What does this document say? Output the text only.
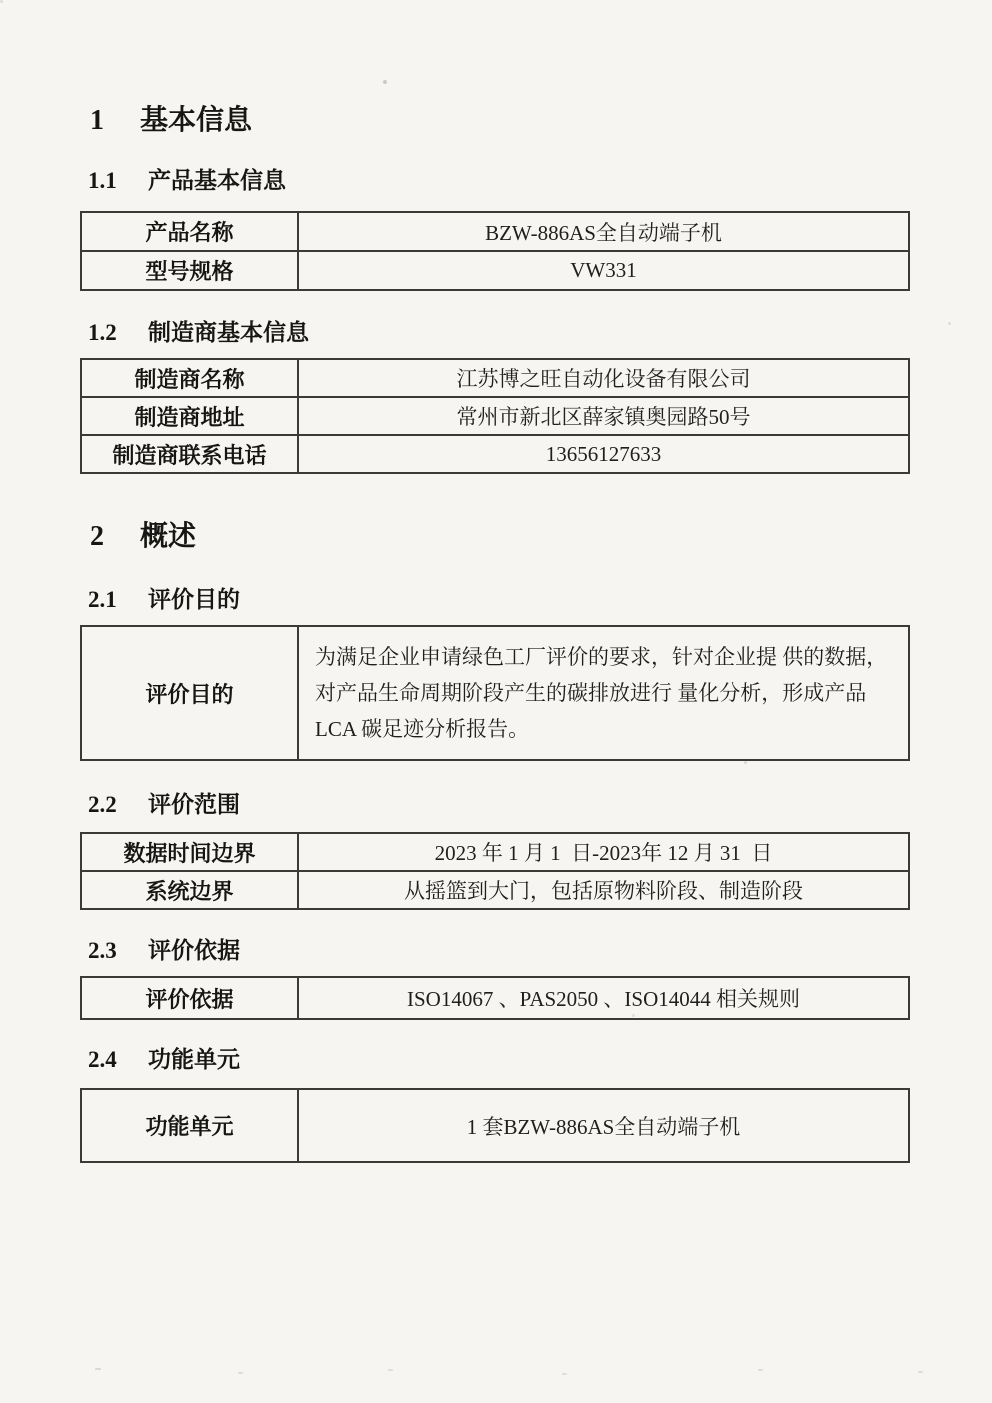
1	基本信息
1.1	产品基本信息
产品名称	BZW-886AS全自动端子机
型号规格	VW331
1.2	制造商基本信息
制造商名称	江苏博之旺自动化设备有限公司
制造商地址	常州市新北区薛家镇奥园路50号
制造商联系电话	13656127633
2	概述
2.1	评价目的
评价目的	为满足企业申请绿色工厂评价的要求，针对企业提 供的数据，对产品生命周期阶段产生的碳排放进行 量化分析，形成产品 LCA 碳足迹分析报告。
2.2	评价范围
数据时间边界	2023 年 1 月 1  日-2023年 12 月 31  日
系统边界	从摇篮到大门，包括原物料阶段、制造阶段
2.3	评价依据
评价依据	ISO14067 、PAS2050 、ISO14044 相关规则
2.4	功能单元
功能单元	1 套BZW-886AS全自动端子机
